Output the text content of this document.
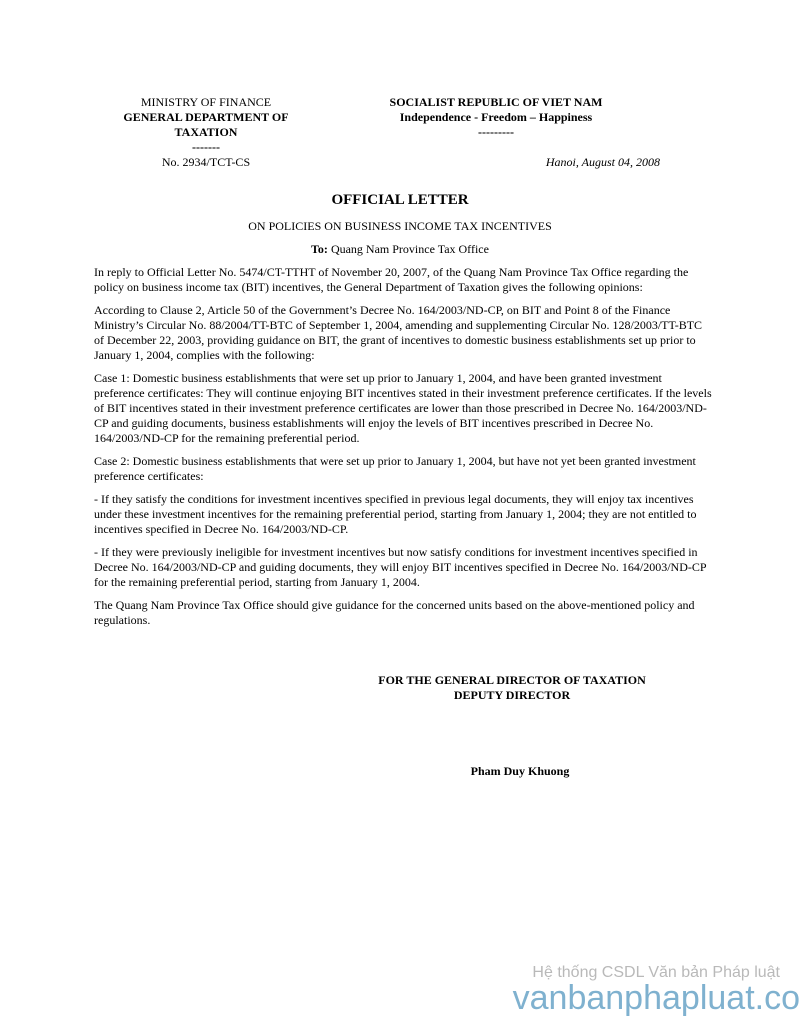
MINISTRY OF FINANCE
GENERAL DEPARTMENT OF
TAXATION
-------
SOCIALIST REPUBLIC OF VIET NAM
Independence - Freedom – Happiness
---------
No. 2934/TCT-CS	Hanoi, August 04, 2008
OFFICIAL LETTER
ON POLICIES ON BUSINESS INCOME TAX INCENTIVES
To: Quang Nam Province Tax Office

In reply to Official Letter No. 5474/CT-TTHT of November 20, 2007, of the Quang Nam Province Tax Office regarding the policy on business income tax (BIT) incentives, the General Department of Taxation gives the following opinions:

According to Clause 2, Article 50 of the Government’s Decree No. 164/2003/ND-CP, on BIT and Point 8 of the Finance Ministry’s Circular No. 88/2004/TT-BTC of September 1, 2004, amending and supplementing Circular No. 128/2003/TT-BTC of December 22, 2003, providing guidance on BIT, the grant of incentives to domestic business establishments set up prior to January 1, 2004, complies with the following:

Case 1: Domestic business establishments that were set up prior to January 1, 2004, and have been granted investment preference certificates: They will continue enjoying BIT incentives stated in their investment preference certificates. If the levels of BIT incentives stated in their investment preference certificates are lower than those prescribed in Decree No. 164/2003/ND-CP and guiding documents, business establishments will enjoy the levels of BIT incentives prescribed in Decree No. 164/2003/ND-CP for the remaining preferential period.

Case 2: Domestic business establishments that were set up prior to January 1, 2004, but have not yet been granted investment preference certificates:

- If they satisfy the conditions for investment incentives specified in previous legal documents, they will enjoy tax incentives under these investment incentives for the remaining preferential period, starting from January 1, 2004; they are not entitled to incentives specified in Decree No. 164/2003/ND-CP.

- If they were previously ineligible for investment incentives but now satisfy conditions for investment incentives specified in Decree No. 164/2003/ND-CP and guiding documents, they will enjoy BIT incentives specified in Decree No. 164/2003/ND-CP for the remaining preferential period, starting from January 1, 2004.

The Quang Nam Province Tax Office should give guidance for the concerned units based on the above-mentioned policy and regulations.

FOR THE GENERAL DIRECTOR OF TAXATION
DEPUTY DIRECTOR
Pham Duy Khuong
Hệ thống CSDL Văn bản Pháp luật
vanbanphapluat.co
